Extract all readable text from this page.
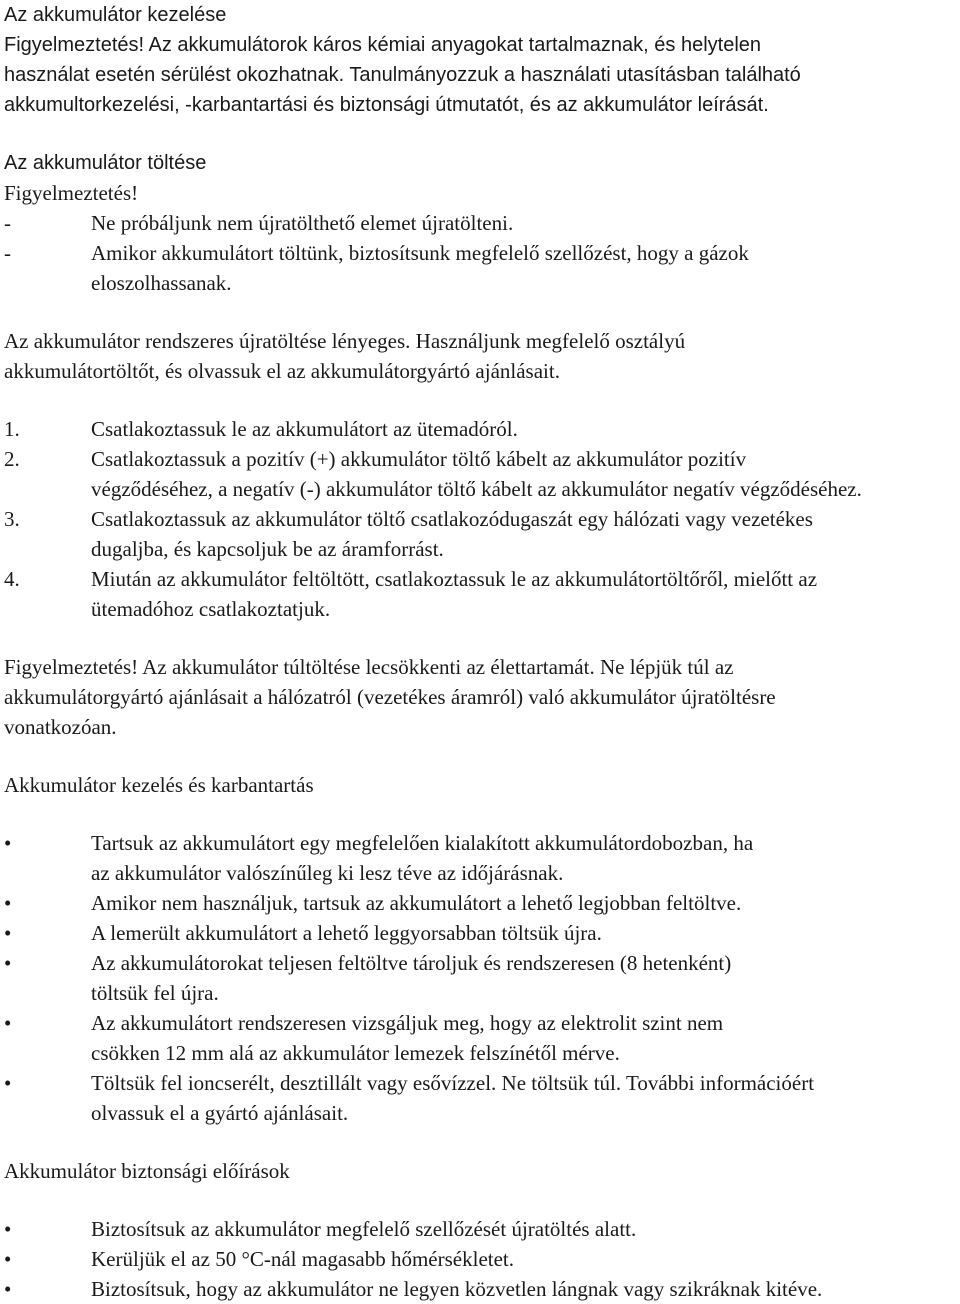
Az akkumulátor kezelése
Figyelmeztetés! Az akkumulátorok káros kémiai anyagokat tartalmaznak, és helytelen
használat esetén sérülést okozhatnak. Tanulmányozzuk a használati utasításban található
akkumultorkezelési, -karbantartási és biztonsági útmutatót, és az akkumulátor leírását.
Az akkumulátor töltése
Figyelmeztetés!
-	Ne próbáljunk nem újratölthető elemet újratölteni.
-	Amikor akkumulátort töltünk, biztosítsunk megfelelő szellőzést, hogy a gázok
eloszolhassanak.
Az akkumulátor rendszeres újratöltése lényeges. Használjunk megfelelő osztályú
akkumulátortöltőt, és olvassuk el az akkumulátorgyártó ajánlásait.
1.	Csatlakoztassuk le az akkumulátort az ütemadóról.
2.	Csatlakoztassuk a pozitív (+) akkumulátor töltő kábelt az akkumulátor pozitív
végződéséhez, a negatív (-) akkumulátor töltő kábelt az akkumulátor negatív végződéséhez.
3.	Csatlakoztassuk az akkumulátor töltő csatlakozódugaszát egy hálózati vagy vezetékes
dugaljba, és kapcsoljuk be az áramforrást.
4.	Miután az akkumulátor feltöltött, csatlakoztassuk le az akkumulátortöltőről, mielőtt az
ütemadóhoz csatlakoztatjuk.
Figyelmeztetés! Az akkumulátor túltöltése lecsökkenti az élettartamát. Ne lépjük túl az
akkumulátorgyártó ajánlásait a hálózatról (vezetékes áramról) való akkumulátor újratöltésre
vonatkozóan.
Akkumulátor kezelés és karbantartás
•	Tartsuk az akkumulátort egy megfelelően kialakított akkumulátordobozban, ha
az akkumulátor valószínűleg ki lesz téve az időjárásnak.
•	Amikor nem használjuk, tartsuk az akkumulátort a lehető legjobban feltöltve.
•	A lemerült akkumulátort a lehető leggyorsabban töltsük újra.
•	Az akkumulátorokat teljesen feltöltve tároljuk és rendszeresen (8 hetenként)
töltsük fel újra.
•	Az akkumulátort rendszeresen vizsgáljuk meg, hogy az elektrolit szint nem
csökken 12 mm alá az akkumulátor lemezek felszínétől mérve.
•	Töltsük fel ioncserélt, desztillált vagy esővízzel. Ne töltsük túl. További információért
olvassuk el a gyártó ajánlásait.
Akkumulátor biztonsági előírások
•	Biztosítsuk az akkumulátor megfelelő szellőzését újratöltés alatt.
•	Kerüljük el az 50 °C-nál magasabb hőmérsékletet.
•	Biztosítsuk, hogy az akkumulátor ne legyen közvetlen lángnak vagy szikráknak kitéve.
